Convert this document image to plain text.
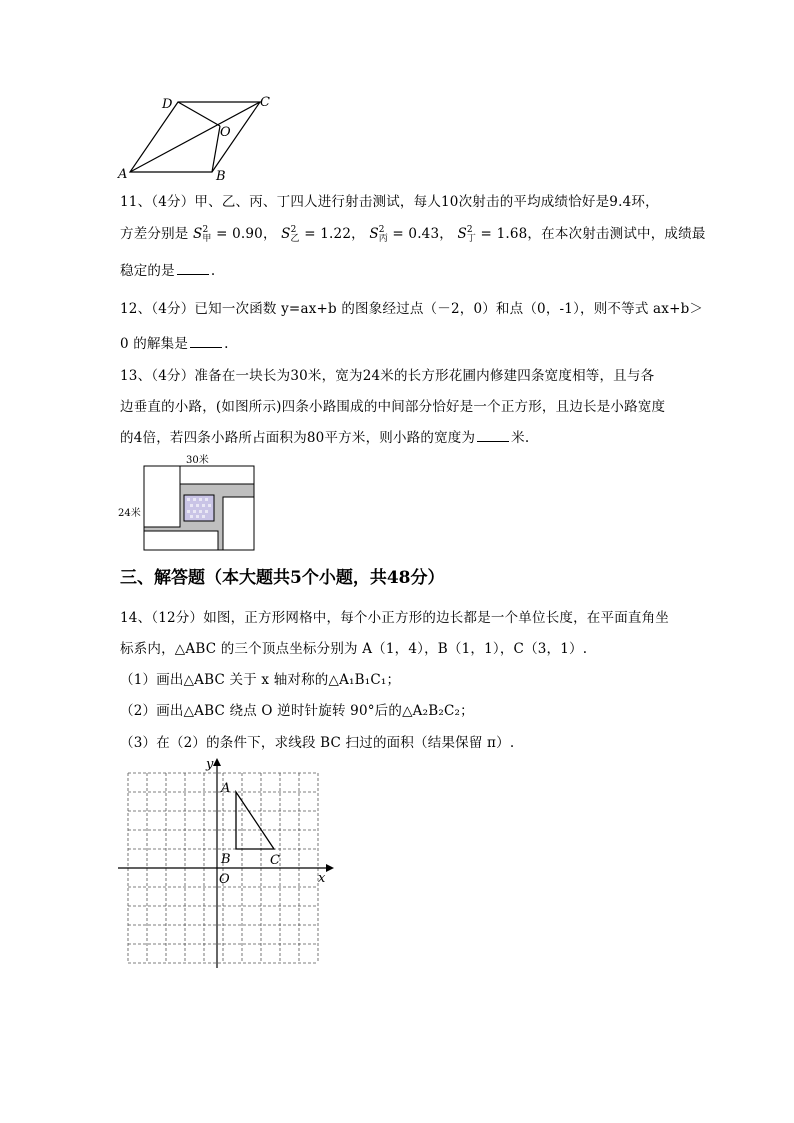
A	B
C
D
O
11、（4分）甲、乙、丙、丁四人进行射击测试，每人10次射击的平均成绩恰好是9.4环，
方差分别是 $S^2_甲 = 0.90$， $S^2_乙 = 1.22$， $S^2_丙 = 0.43$， $S^2_丁 = 1.68$，在本次射击测试中，成绩最
稳定的是	.
12、（4分）已知一次函数 y=ax+b 的图象经过点（－2，0）和点（0，-1），则不等式 ax+b＞
0 的解集是	.
13、（4分）准备在一块长为30米，宽为24米的长方形花圃内修建四条宽度相等，且与各
边垂直的小路，(如图所示)四条小路围成的中间部分恰好是一个正方形，且边长是小路宽度
的4倍，若四条小路所占面积为80平方米，则小路的宽度为	米.
30米
24米
三、解答题（本大题共5个小题，共48分）
14、（12分）如图，正方形网格中，每个小正方形的边长都是一个单位长度，在平面直角坐
标系内，△ABC 的三个顶点坐标分别为 A（1，4），B（1，1），C（3，1）.
（1）画出△ABC 关于 x 轴对称的△A₁B₁C₁；
（2）画出△ABC 绕点 O 逆时针旋转 90°后的△A₂B₂C₂；
（3）在（2）的条件下，求线段 BC 扫过的面积（结果保留 π）.
x
y
O
A
B	C
